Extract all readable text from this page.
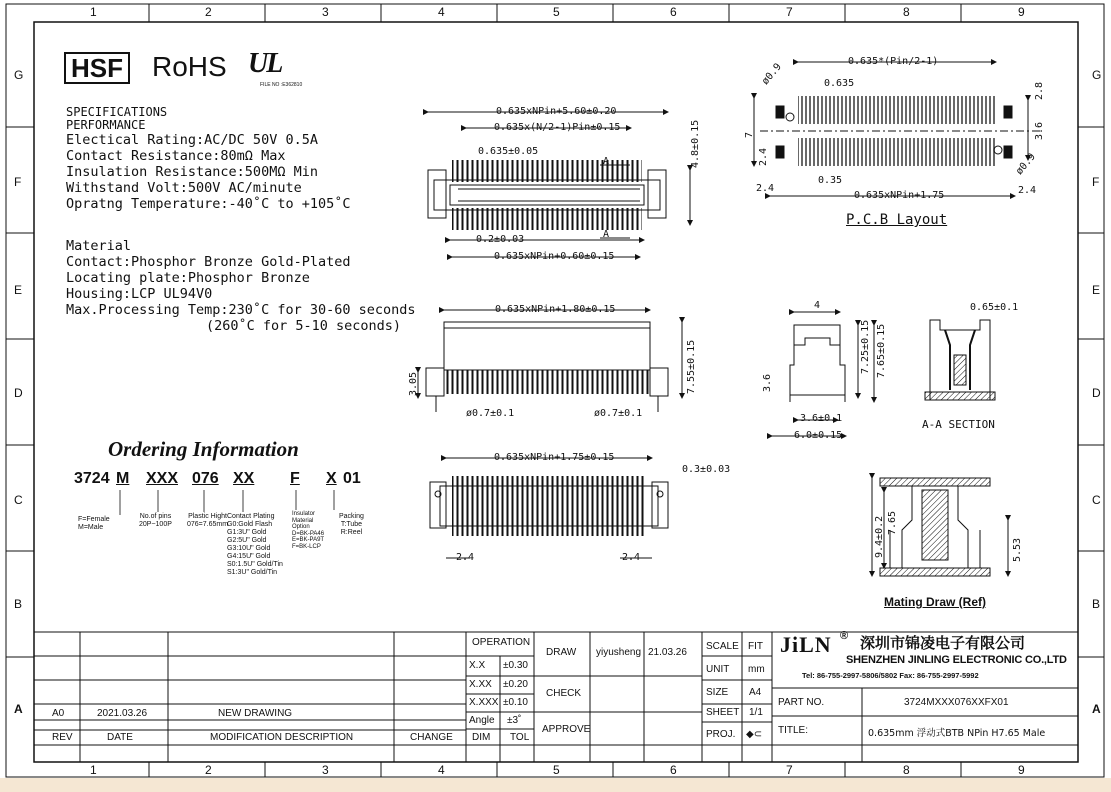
1	2	3	4	5	6	7	8	9
1	2	3	4	5	6	7	8	9
G
F
E
D
C
B
A
G
F
E
D
C
B
A
HSF RoHS UL
FILE NO :E362810
SPECIFICATIONS
PERFORMANCE
Electical Rating:AC/DC 50V 0.5A
Contact Resistance:80mΩ Max
Insulation Resistance:500MΩ Min
Withstand Volt:500V AC/minute
Opratng Temperature:-40˚C to +105˚C
Material
Contact:Phosphor Bronze Gold-Plated
Locating plate:Phosphor Bronze
Housing:LCP UL94V0
Max.Processing Temp:230˚C for 30-60 seconds
(260˚C for 5-10 seconds)
Ordering Information
3724 M XXX 076 XX F X 01
F=Female
M=Male
No.of pins
20P~100P
Plastic Hight
076=7.65mm
Contact Plating
G0:Gold Flash
G1:3U" Gold
G2:5U" Gold
G3:10U" Gold
G4:15U" Gold
S0:1.5U" Gold/Tin
S1:3U" Gold/Tin
Insulator
Material
Option
D=BK-PA46
E=BK-PA9T
F=BK-LCP
Packing
T:Tube
R:Reel
0.635xNPin+5.60±0.20
0.635x(N/2-1)Pin±0.15
0.635±0.05	4.8±0.15
0.2±0.03
0.635xNPin+0.60±0.15
A
A
0.635xNPin+1.80±0.15
3.05	7.55±0.15
ø0.7±0.1	ø0.7±0.1
0.635xNPin+1.75±0.15
0.3±0.03
2.4	2.4
0.635*(Pin/2-1)
0.635
ø0.9
ø0.9
2.8
3.6
7
2.4
0.35
2.4	2.4
0.635xNPin+1.75
P.C.B Layout
4
7.25±0.15 7.65±0.15
3.6
3.6±0.1
6.0±0.15
0.65±0.1
A-A SECTION
9.4±0.2 7.65
5.53
Mating Draw (Ref)
REV	DATE	MODIFICATION DESCRIPTION	CHANGE
A0	2021.03.26	NEW DRAWING
OPERATION
X.X ±0.30
X.XX ±0.20
X.XXX ±0.10
Angle ±3˚
DIM TOL
DRAW yiyusheng 21.03.26
CHECK
APPROVE
SCALE FIT
UNIT mm
SIZE A4
SHEET 1/1
PROJ. ◆⊂
JiLN ® 深圳市锦凌电子有限公司
SHENZHEN JINLING ELECTRONIC CO.,LTD
Tel: 86-755-2997-5806/5802 Fax: 86-755-2997-5992
PART NO.	3724MXXX076XXFX01
TITLE:	0.635mm 浮动式BTB NPin H7.65 Male
